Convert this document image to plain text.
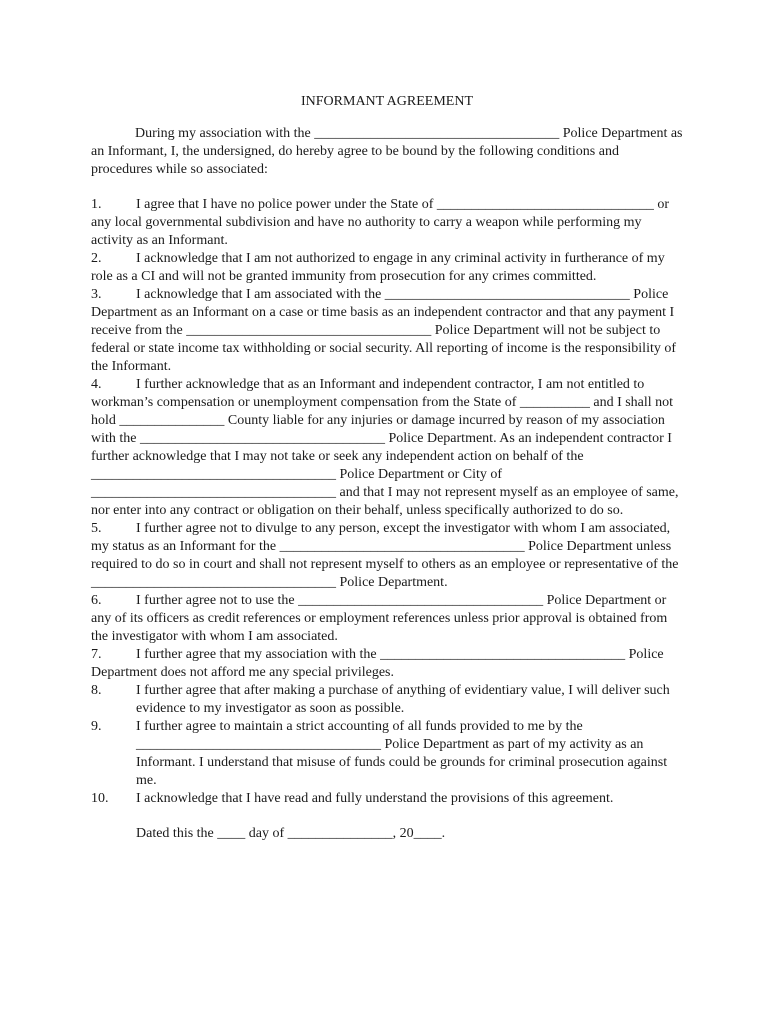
INFORMANT AGREEMENT

During my association with the ___________________________________ Police Department as an Informant, I, the undersigned, do hereby agree to be bound by the following conditions and procedures while so associated:

1. I agree that I have no police power under the State of _______________________________ or any local governmental subdivision and have no authority to carry a weapon while performing my activity as an Informant.
2. I acknowledge that I am not authorized to engage in any criminal activity in furtherance of my role as a CI and will not be granted immunity from prosecution for any crimes committed.
3. I acknowledge that I am associated with the ___________________________________ Police Department as an Informant on a case or time basis as an independent contractor and that any payment I receive from the ___________________________________ Police Department will not be subject to federal or state income tax withholding or social security. All reporting of income is the responsibility of the Informant.
4. I further acknowledge that as an Informant and independent contractor, I am not entitled to workman’s compensation or unemployment compensation from the State of __________ and I shall not hold _______________ County liable for any injuries or damage incurred by reason of my association with the ___________________________________ Police Department. As an independent contractor I further acknowledge that I may not take or seek any independent action on behalf of the ___________________________________ Police Department or City of ___________________________________ and that I may not represent myself as an employee of same, nor enter into any contract or obligation on their behalf, unless specifically authorized to do so.
5. I further agree not to divulge to any person, except the investigator with whom I am associated, my status as an Informant for the ___________________________________ Police Department unless required to do so in court and shall not represent myself to others as an employee or representative of the ___________________________________ Police Department.
6. I further agree not to use the ___________________________________ Police Department or any of its officers as credit references or employment references unless prior approval is obtained from the investigator with whom I am associated.
7. I further agree that my association with the ___________________________________ Police Department does not afford me any special privileges.
8. I further agree that after making a purchase of anything of evidentiary value, I will deliver such evidence to my investigator as soon as possible.
9. I further agree to maintain a strict accounting of all funds provided to me by the ___________________________________ Police Department as part of my activity as an Informant. I understand that misuse of funds could be grounds for criminal prosecution against me.
10. I acknowledge that I have read and fully understand the provisions of this agreement.
Dated this the ____ day of _______________, 20____.
